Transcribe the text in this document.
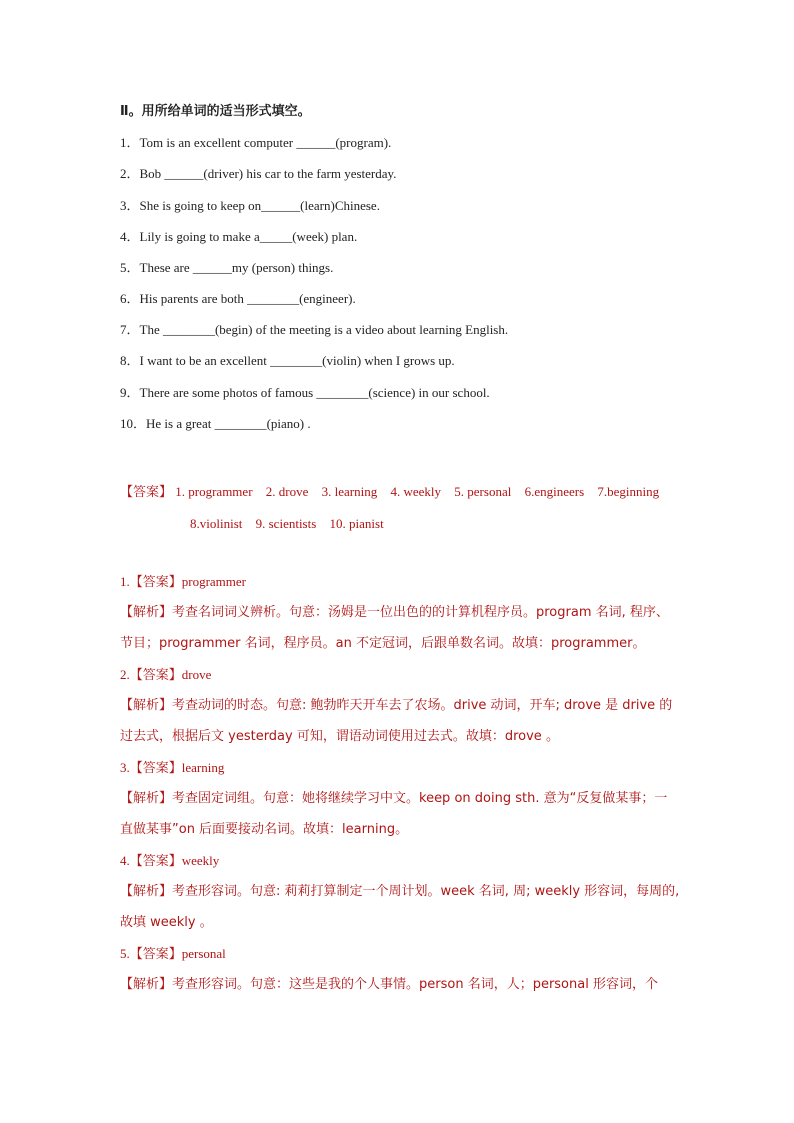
Ⅱ。用所给单词的适当形式填空。
1．Tom is an excellent computer ______(program).
2．Bob ______(driver) his car to the farm yesterday.
3．She is going to keep on______(learn)Chinese.
4．Lily is going to make a_____(week) plan.
5．These are ______my (person) things.
6．His parents are both ________(engineer).
7．The ________(begin) of the meeting is a video about learning English.
8．I want to be an excellent ________(violin) when I grows up.
9．There are some photos of famous ________(science) in our school.
10．He is a great ________(piano) .
【答案】 1. programmer 2. drove 3. learning 4. weekly 5. personal 6.engineers 7.beginning
8.violinist 9. scientists 10. pianist
1.【答案】programmer
【解析】考查名词词义辨析。句意：汤姆是一位出色的的计算机程序员。program 名词, 程序、节目；programmer 名词，程序员。an 不定冠词，后跟单数名词。故填：programmer。
2.【答案】drove
【解析】考查动词的时态。句意: 鲍勃昨天开车去了农场。drive 动词，开车; drove 是 drive 的过去式，根据后文 yesterday 可知，谓语动词使用过去式。故填：drove 。
3.【答案】learning
【解析】考查固定词组。句意：她将继续学习中文。keep on doing sth. 意为“反复做某事；一直做某事”on 后面要接动名词。故填：learning。
4.【答案】weekly
【解析】考查形容词。句意: 莉莉打算制定一个周计划。week 名词, 周; weekly 形容词，每周的, 故填 weekly 。
5.【答案】personal
【解析】考查形容词。句意：这些是我的个人事情。person 名词，人；personal 形容词，个
